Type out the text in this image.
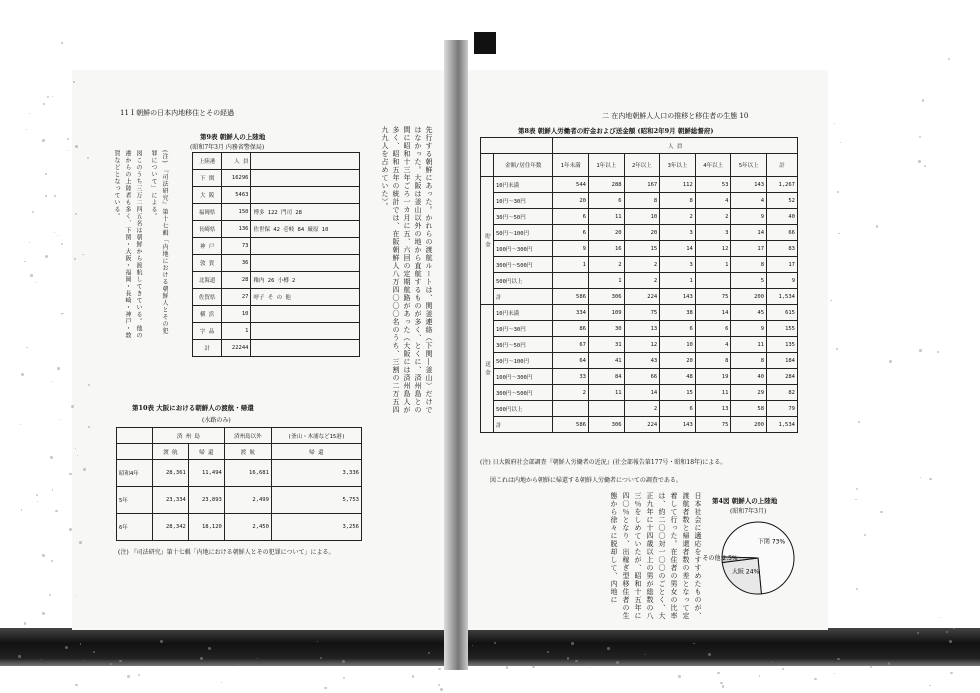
11 Ⅰ 朝鮮の日本内地移住とその経過
第9表 朝鮮人の上陸地
(昭和7年3月 内務省警保局)
上陸港	人 員	
下 関	16296	
大 阪	5463	
福岡県	150	博多 122 門司 28
長崎県	136	佐世保 42 壱岐 84 厳原 10
神 戸	73	
敦 賀	36	
北海道	28	稚内 26 小樽 2
佐賀県	27	呼子 そ の 他
横 浜	10	
字 品	1	
計	22244	
(注) 『司法研究』第十七輯「内地における朝鮮人とその犯罪について」による。
図このうち三万二四五名は朝鮮から渡航してきている。他の港からの上陸者も多く、下関・大阪・福岡・長崎・神戸・敦賀などとなっている。	先行する朝鮮にあった。かれらの渡航ルートは、関釜連絡（下関―釜山）だけではなかった。大阪は釜山以外の地から直航するものが多く、とくに、済州島との間に昭和十三年ごろ一カ月に五、六回の定期航路があった（大阪には済州島人が多く、昭和五年の統計では、在阪朝鮮人八万四〇〇〇名のうち、三割の二万五四九九人を占めていた）。
第10表 大阪における朝鮮人の渡航・帰還
(水路のみ)
	済 州 島		済州島以外	(釜山・木浦など15港)
	渡 航	帰 還	渡 航	帰 還
昭和4年	28,361	11,494	16,681	3,336
5年	23,334	23,893	2,499	5,753
6年	28,342	18,120	2,450	3,256
(注) 『司法研究』第十七輯「内地における朝鮮人とその犯罪について」による。
二 在内地朝鮮人人口の推移と移住者の生態 10
第8表 朝鮮人労働者の貯金および送金額 (昭和2年9月 朝鮮総督府)
		人 員						
	金額/居住年数	1年未満	1年以上	2年以上	3年以上	4年以上	5年以上	計
貯 金	10円未満	544	288	167	112	53	143	1,267
	10円〜30円	20	6	8	8	4	4	52
	30円〜50円	6	11	10	2	2	9	40
	50円〜100円	6	20	20	3	3	14	66
	100円〜300円	9	16	15	14	12	17	83
	300円〜500円	1	2	2	3	1	8	17
	500円以上		1	2	1		5	9
	計	586	306	224	143	75	200	1,534
送 金	10円未満	334	109	75	38	14	45	615
	10円〜30円	86	30	13	6	6	9	155
	30円〜50円	67	31	12	10	4	11	135
	50円〜100円	64	41	43	20	8	8	184
	100円〜300円	33	84	66	48	19	40	284
	300円〜500円	2	11	14	15	11	29	82
	500円以上			2	6	13	58	79
	計	586	306	224	143	75	200	1,534
(注) 日大阪府社会部調査『朝鮮人労働者の近況』(社会部報告第177号・昭和18年)による。
図これは内地から朝鮮に帰還する朝鮮人労働者についての調査である。
日本社会に適応をすすめたものが、渡航者数と帰還者数の差となって定着して行った。在住者の男女の比率は、約二〇〇対一〇〇のごとく、大正九年に十四歳以上の男が総数の八三％をしめていたが、昭和十五年に四〇％となり、出稼ぎ型移住者の生態から徐々に脱却して、内地に	第4図 朝鮮人の上陸地
(昭和7年3月)
下関 73%
大阪 24%
その他 2.5%
